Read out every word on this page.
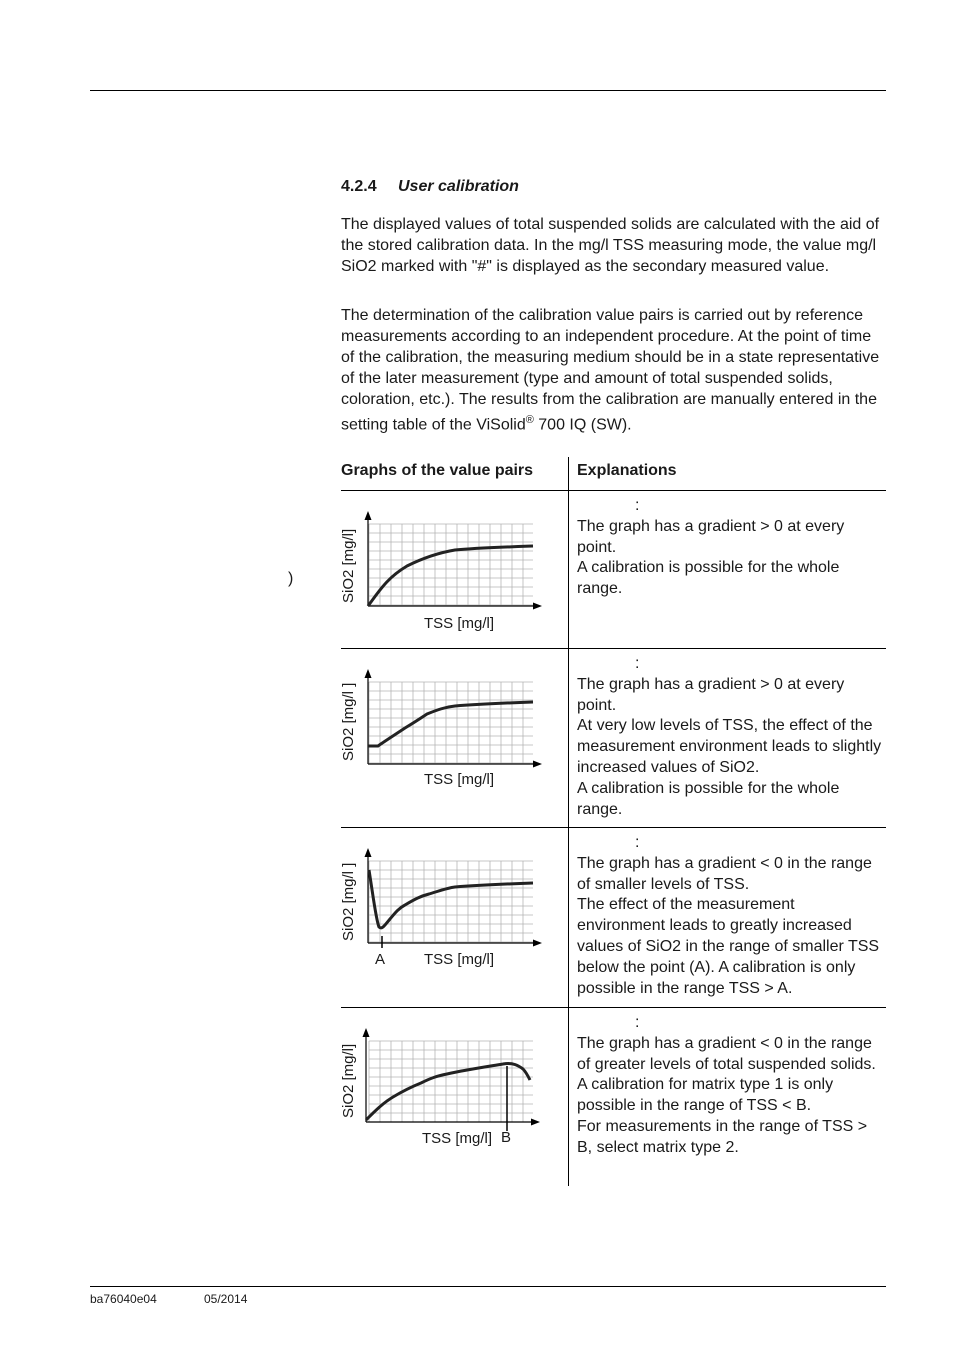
4.2.4 User calibration

The displayed values of total suspended solids are calculated with the aid of the stored calibration data. In the mg/l TSS measuring mode, the value mg/l SiO2 marked with "#" is displayed as the secondary measured value.

The determination of the calibration value pairs is carried out by reference measurements according to an independent procedure. At the point of time of the calibration, the measuring medium should be in a state representative of the later measurement (type and amount of total suspended solids, coloration, etc.). The results from the calibration are manually entered in the setting table of the ViSolid® 700 IQ (SW).

)
Graphs of the value pairs	Explanations
SiO2 [mg/l]
TSS [mg/l]
:

The graph has a gradient > 0 at every point.

A calibration is possible for the whole range.

SiO2 [mg/l ]
TSS [mg/l]
:

The graph has a gradient > 0 at every point.

At very low levels of TSS, the effect of the measurement environment leads to slightly increased values of SiO2.

A calibration is possible for the whole range.

SiO2 [mg/l ]
TSS [mg/l]
A
:

The graph has a gradient < 0 in the range of smaller levels of TSS.

The effect of the measurement environment leads to greatly increased values of SiO2 in the range of smaller TSS below the point (A). A calibration is only possible in the range TSS > A.

SiO2 [mg/l]
TSS [mg/l] B
:

The graph has a gradient < 0 in the range of greater levels of total suspended solids.

A calibration for matrix type 1 is only possible in the range of TSS < B.

For measurements in the range of TSS > B, select matrix type 2.

ba76040e04	05/2014
